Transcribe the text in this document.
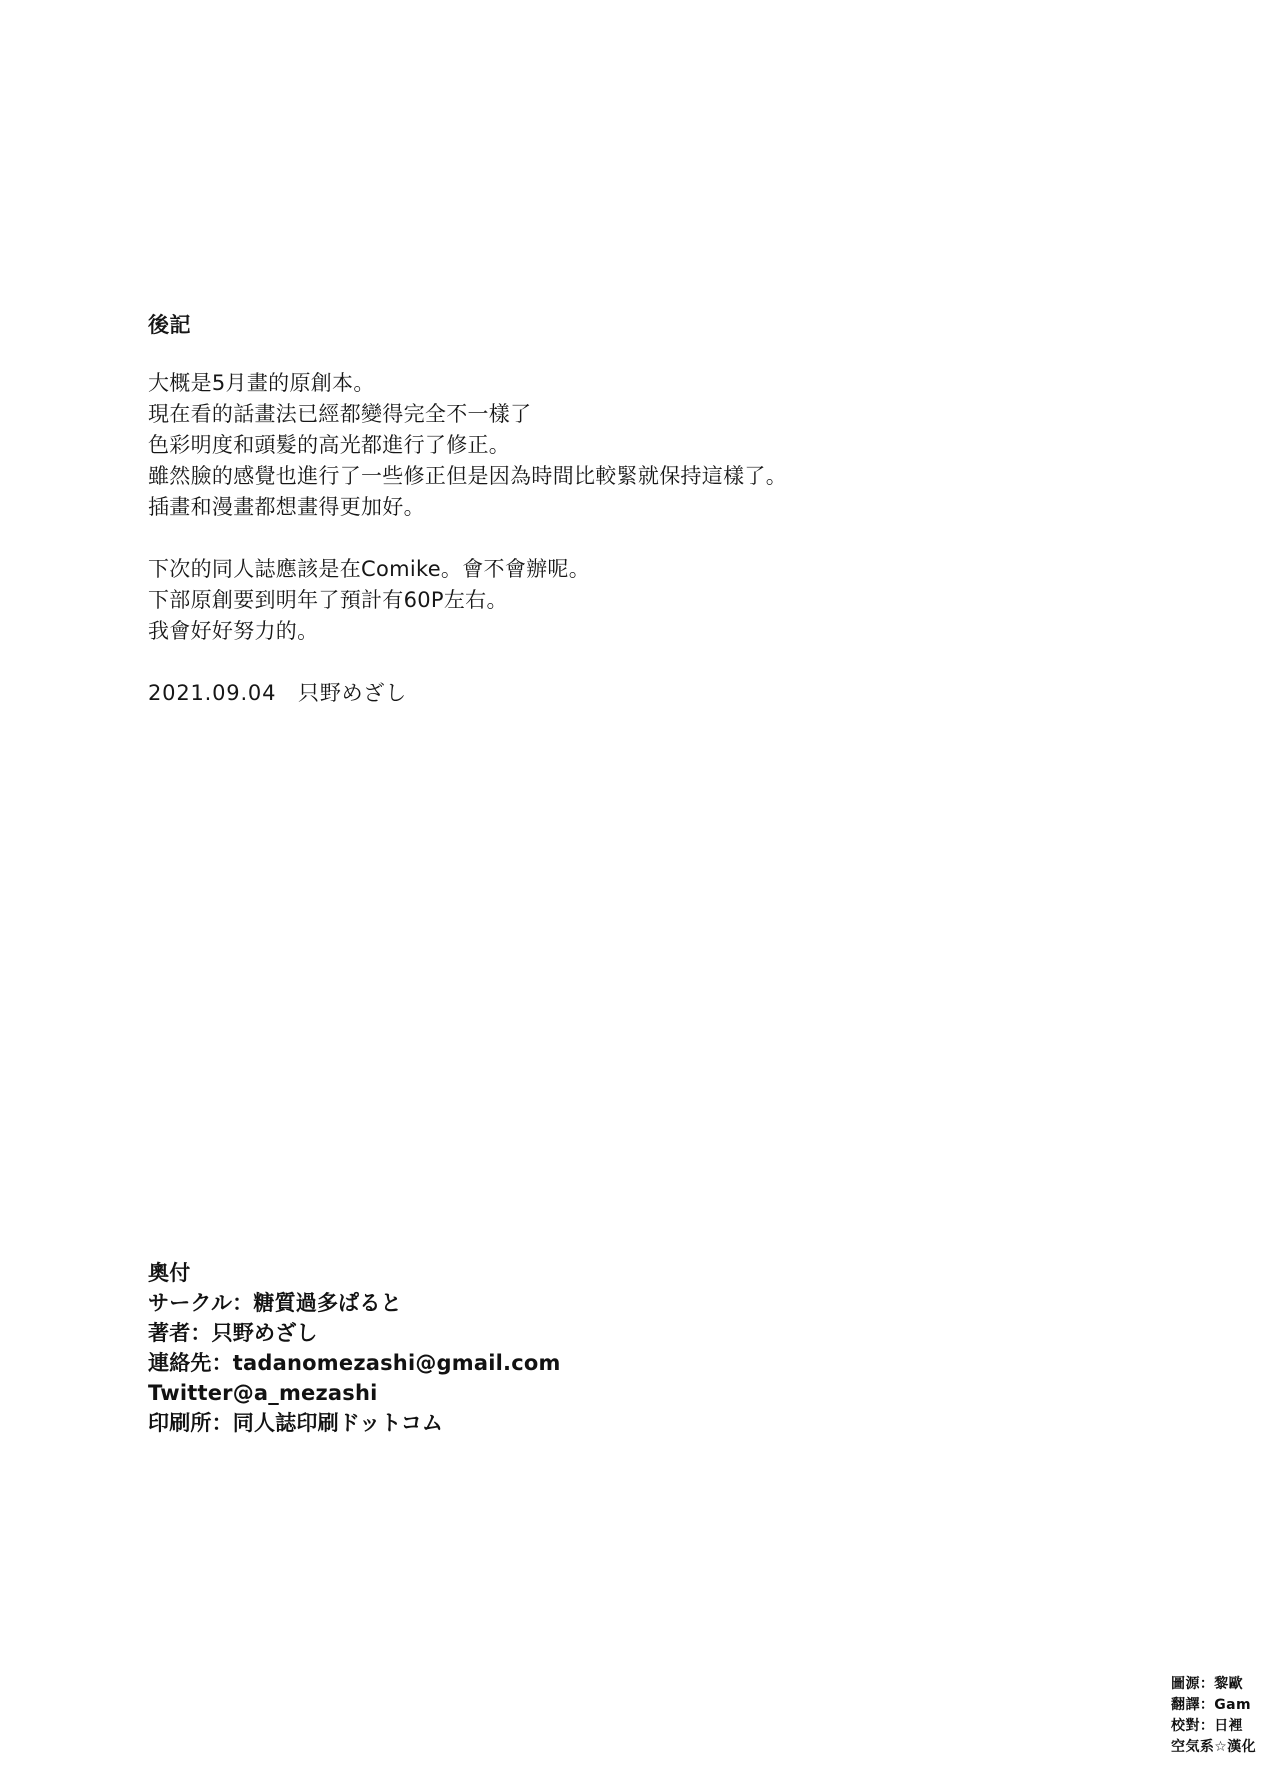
後記

大概是5月畫的原創本。

現在看的話畫法已經都變得完全不一樣了

色彩明度和頭髮的高光都進行了修正。

雖然臉的感覺也進行了一些修正但是因為時間比較緊就保持這樣了。

插畫和漫畫都想畫得更加好。

下次的同人誌應該是在Comike。會不會辦呢。

下部原創要到明年了預計有60P左右。

我會好好努力的。

2021.09.04　只野めざし
奧付
サークル：糖質過多ぱると
著者：只野めざし
連絡先：tadanomezashi@gmail.com
Twitter@a_mezashi
印刷所：同人誌印刷ドットコム
圖源：黎歐
翻譯：Gam
校對：日裡
空気系☆漢化
